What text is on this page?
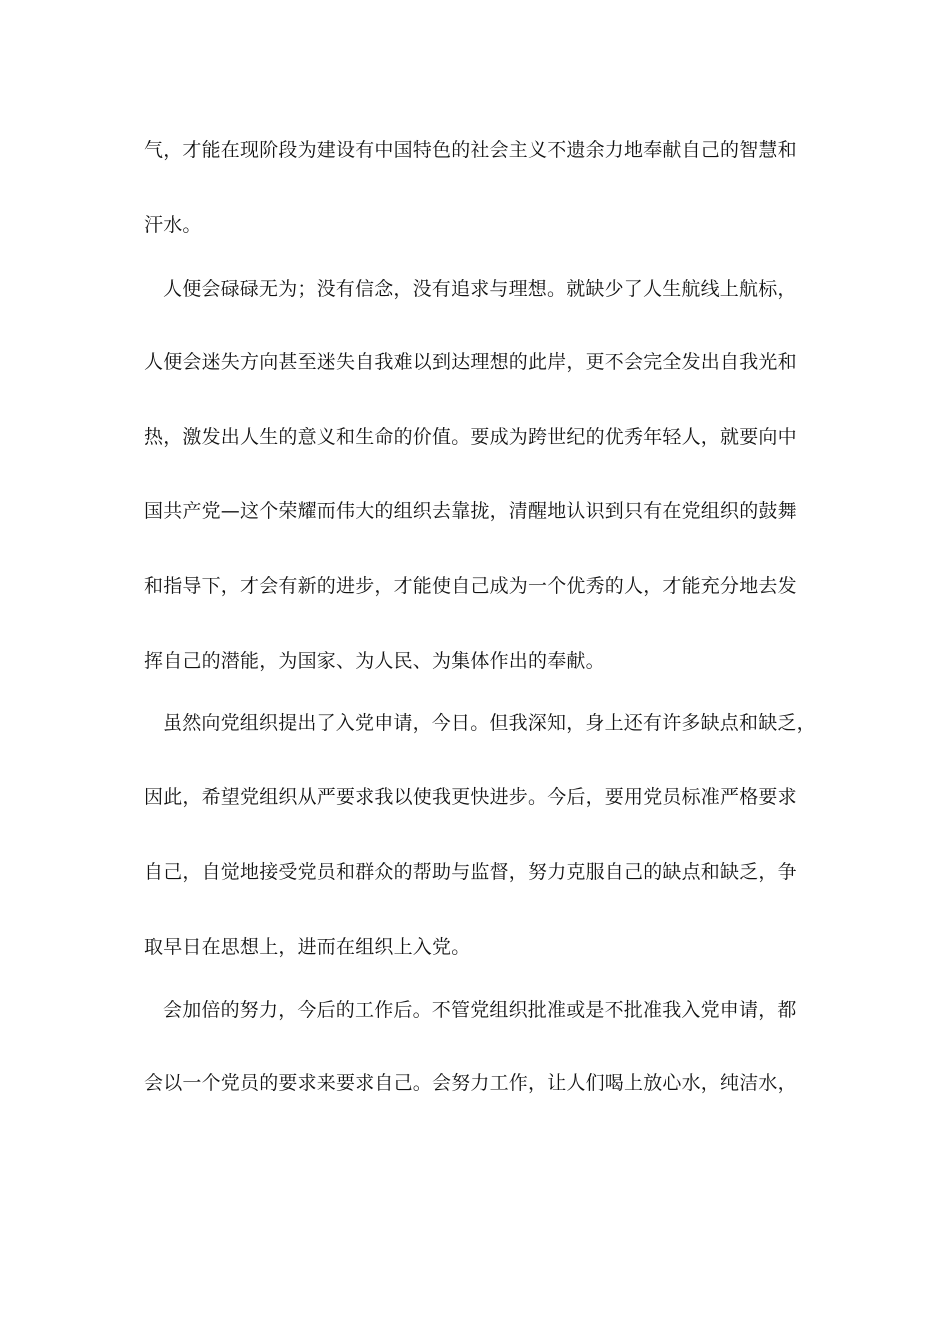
气，才能在现阶段为建设有中国特色的社会主义不遗余力地奉献自己的智慧和
汗水。
人便会碌碌无为；没有信念，没有追求与理想。就缺少了人生航线上航标，
人便会迷失方向甚至迷失自我难以到达理想的此岸，更不会完全发出自我光和
热，激发出人生的意义和生命的价值。要成为跨世纪的优秀年轻人，就要向中
国共产党—这个荣耀而伟大的组织去靠拢，清醒地认识到只有在党组织的鼓舞
和指导下，才会有新的进步，才能使自己成为一个优秀的人，才能充分地去发
挥自己的潜能，为国家、为人民、为集体作出的奉献。
虽然向党组织提出了入党申请，今日。但我深知，身上还有许多缺点和缺乏，
因此，希望党组织从严要求我以使我更快进步。今后，要用党员标准严格要求
自己，自觉地接受党员和群众的帮助与监督，努力克服自己的缺点和缺乏，争
取早日在思想上，进而在组织上入党。
会加倍的努力，今后的工作后。不管党组织批准或是不批准我入党申请，都
会以一个党员的要求来要求自己。会努力工作，让人们喝上放心水，纯洁水，
